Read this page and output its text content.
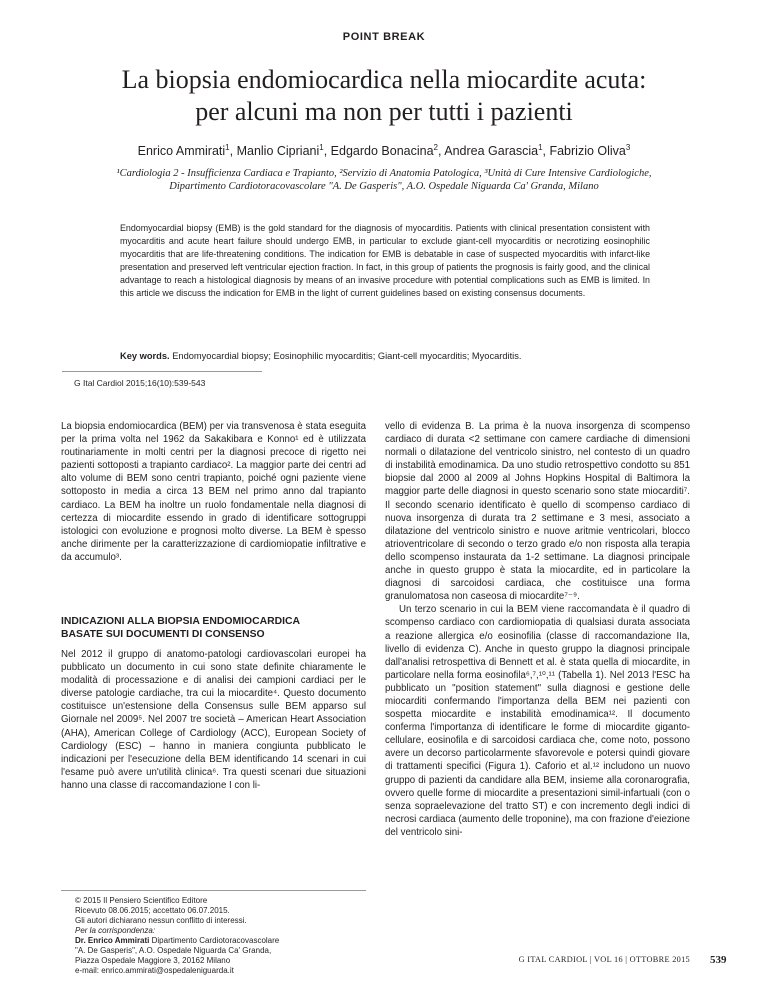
POINT BREAK
La biopsia endomiocardica nella miocardite acuta:
per alcuni ma non per tutti i pazienti
Enrico Ammirati$^1$, Manlio Cipriani$^1$, Edgardo Bonacina$^2$, Andrea Garascia$^1$, Fabrizio Oliva$^3$
¹Cardiologia 2 - Insufficienza Cardiaca e Trapianto, ²Servizio di Anatomia Patologica, ³Unità di Cure Intensive Cardiologiche,
Dipartimento Cardiotoracovascolare "A. De Gasperis", A.O. Ospedale Niguarda Ca' Granda, Milano

Endomyocardial biopsy (EMB) is the gold standard for the diagnosis of myocarditis. Patients with clinical presentation consistent with myocarditis and acute heart failure should undergo EMB, in particular to exclude giant-cell myocarditis or necrotizing eosinophilic myocarditis that are life-threatening conditions. The indication for EMB is debatable in case of suspected myocarditis with infarct-like presentation and preserved left ventricular ejection fraction. In fact, in this group of patients the prognosis is fairly good, and the clinical advantage to reach a histological diagnosis by means of an invasive procedure with potential complications such as EMB is limited. In this article we discuss the indication for EMB in the light of current guidelines based on existing consensus documents.

Key words. Endomyocardial biopsy; Eosinophilic myocarditis; Giant-cell myocarditis; Myocarditis.
G Ital Cardiol 2015;16(10):539-543

La biopsia endomiocardica (BEM) per via transvenosa è stata eseguita per la prima volta nel 1962 da Sakakibara e Konno¹ ed è utilizzata routinariamente in molti centri per la diagnosi precoce di rigetto nei pazienti sottoposti a trapianto cardiaco². La maggior parte dei centri ad alto volume di BEM sono centri trapianto, poiché ogni paziente viene sottoposto in media a circa 13 BEM nel primo anno dal trapianto cardiaco. La BEM ha inoltre un ruolo fondamentale nella diagnosi di certezza di miocardite essendo in grado di identificare sottogruppi istologici con evoluzione e prognosi molto diverse. La BEM è spesso anche dirimente per la caratterizzazione di cardiomiopatie infiltrative e da accumulo³.

INDICAZIONI ALLA BIOPSIA ENDOMIOCARDICA
BASATE SUI DOCUMENTI DI CONSENSO

Nel 2012 il gruppo di anatomo-patologi cardiovascolari europei ha pubblicato un documento in cui sono state definite chiaramente le modalità di processazione e di analisi dei campioni cardiaci per le diverse patologie cardiache, tra cui la miocardite⁴. Questo documento costituisce un'estensione della Consensus sulle BEM apparso sul Giornale nel 2009⁵. Nel 2007 tre società – American Heart Association (AHA), American College of Cardiology (ACC), European Society of Cardiology (ESC) – hanno in maniera congiunta pubblicato le indicazioni per l'esecuzione della BEM identificando 14 scenari in cui l'esame può avere un'utilità clinica⁶. Tra questi scenari due situazioni hanno una classe di raccomandazione I con li-

vello di evidenza B. La prima è la nuova insorgenza di scompenso cardiaco di durata <2 settimane con camere cardiache di dimensioni normali o dilatazione del ventricolo sinistro, nel contesto di un quadro di instabilità emodinamica. Da uno studio retrospettivo condotto su 851 biopsie dal 2000 al 2009 al Johns Hopkins Hospital di Baltimora la maggior parte delle diagnosi in questo scenario sono state miocarditi⁷. Il secondo scenario identificato è quello di scompenso cardiaco di nuova insorgenza di durata tra 2 settimane e 3 mesi, associato a dilatazione del ventricolo sinistro e nuove aritmie ventricolari, blocco atrioventricolare di secondo o terzo grado e/o non risposta alla terapia dello scompenso instaurata da 1-2 settimane. La diagnosi principale anche in questo gruppo è stata la miocardite, ed in particolare la diagnosi di sarcoidosi cardiaca, che costituisce una forma granulomatosa non caseosa di miocardite⁷⁻⁹.

Un terzo scenario in cui la BEM viene raccomandata è il quadro di scompenso cardiaco con cardiomiopatia di qualsiasi durata associata a reazione allergica e/o eosinofilia (classe di raccomandazione IIa, livello di evidenza C). Anche in questo gruppo la diagnosi principale dall'analisi retrospettiva di Bennett et al. è stata quella di miocardite, in particolare nella forma eosinofila⁶,⁷,¹⁰,¹¹ (Tabella 1). Nel 2013 l'ESC ha pubblicato un "position statement" sulla diagnosi e gestione delle miocarditi confermando l'importanza della BEM nei pazienti con sospetta miocardite e instabilità emodinamica¹². Il documento conferma l'importanza di identificare le forme di miocardite giganto-cellulare, eosinofila e di sarcoidosi cardiaca che, come noto, possono avere un decorso particolarmente sfavorevole e potersi quindi giovare di trattamenti specifici (Figura 1). Caforio et al.¹² includono un nuovo gruppo di pazienti da candidare alla BEM, insieme alla coronarografia, ovvero quelle forme di miocardite a presentazioni simil-infartuali (con o senza sopraelevazione del tratto ST) e con incremento degli indici di necrosi cardiaca (aumento delle troponine), ma con frazione d'eiezione del ventricolo sini-

© 2015 Il Pensiero Scientifico Editore
Ricevuto 08.06.2015; accettato 06.07.2015.
Gli autori dichiarano nessun conflitto di interessi.
Per la corrispondenza:
Dr. Enrico Ammirati Dipartimento Cardiotoracovascolare
"A. De Gasperis", A.O. Ospedale Niguarda Ca' Granda,
Piazza Ospedale Maggiore 3, 20162 Milano
e-mail: enrico.ammirati@ospedaleniguarda.it
G ITAL CARDIOL | VOL 16 | OTTOBRE 2015 539
